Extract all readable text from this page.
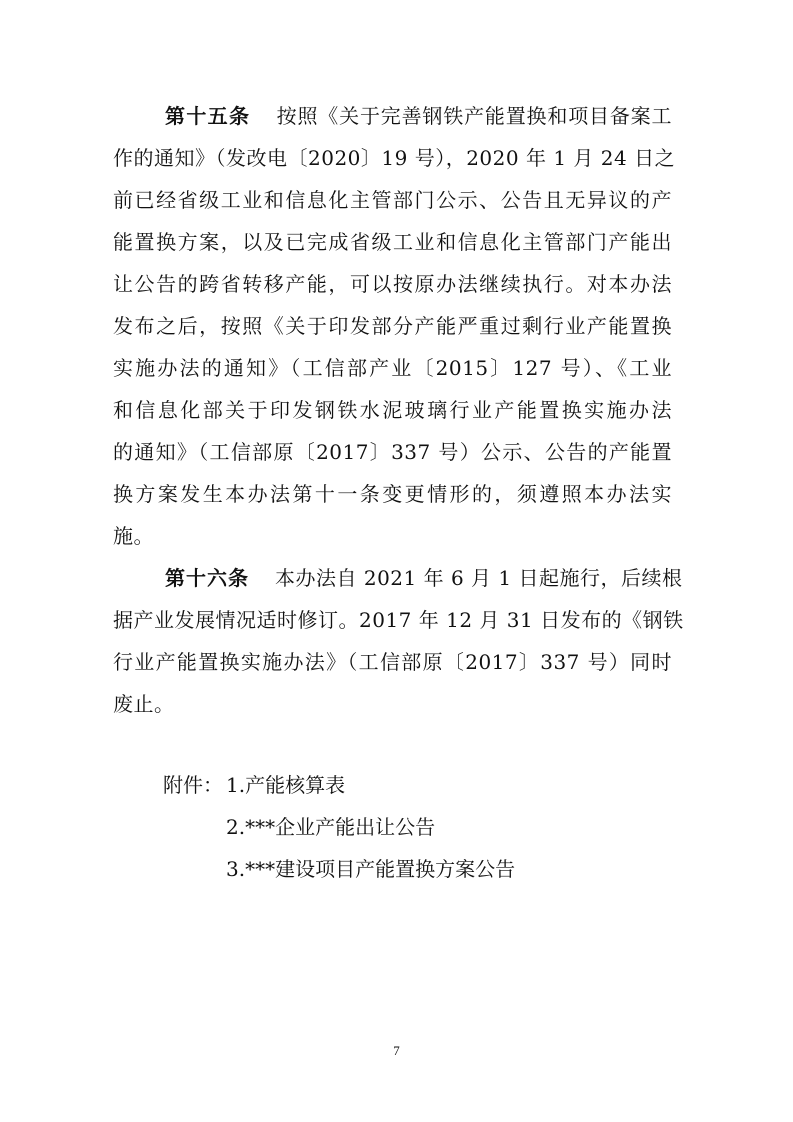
第十五条 按照《关于完善钢铁产能置换和项目备案工
作的通知》（发改电〔2020〕19 号），2020 年 1 月 24 日之
前已经省级工业和信息化主管部门公示、公告且无异议的产
能置换方案，以及已完成省级工业和信息化主管部门产能出
让公告的跨省转移产能，可以按原办法继续执行。对本办法
发布之后，按照《关于印发部分产能严重过剩行业产能置换
实施办法的通知》（工信部产业〔2015〕127 号）、《工业
和信息化部关于印发钢铁水泥玻璃行业产能置换实施办法
的通知》（工信部原〔2017〕337 号）公示、公告的产能置
换方案发生本办法第十一条变更情形的，须遵照本办法实
施。
第十六条 本办法自 2021 年 6 月 1 日起施行，后续根
据产业发展情况适时修订。2017 年 12 月 31 日发布的《钢铁
行业产能置换实施办法》（工信部原〔2017〕337 号）同时
废止。
附件： 1.产能核算表
2.***企业产能出让公告
3.***建设项目产能置换方案公告
7
